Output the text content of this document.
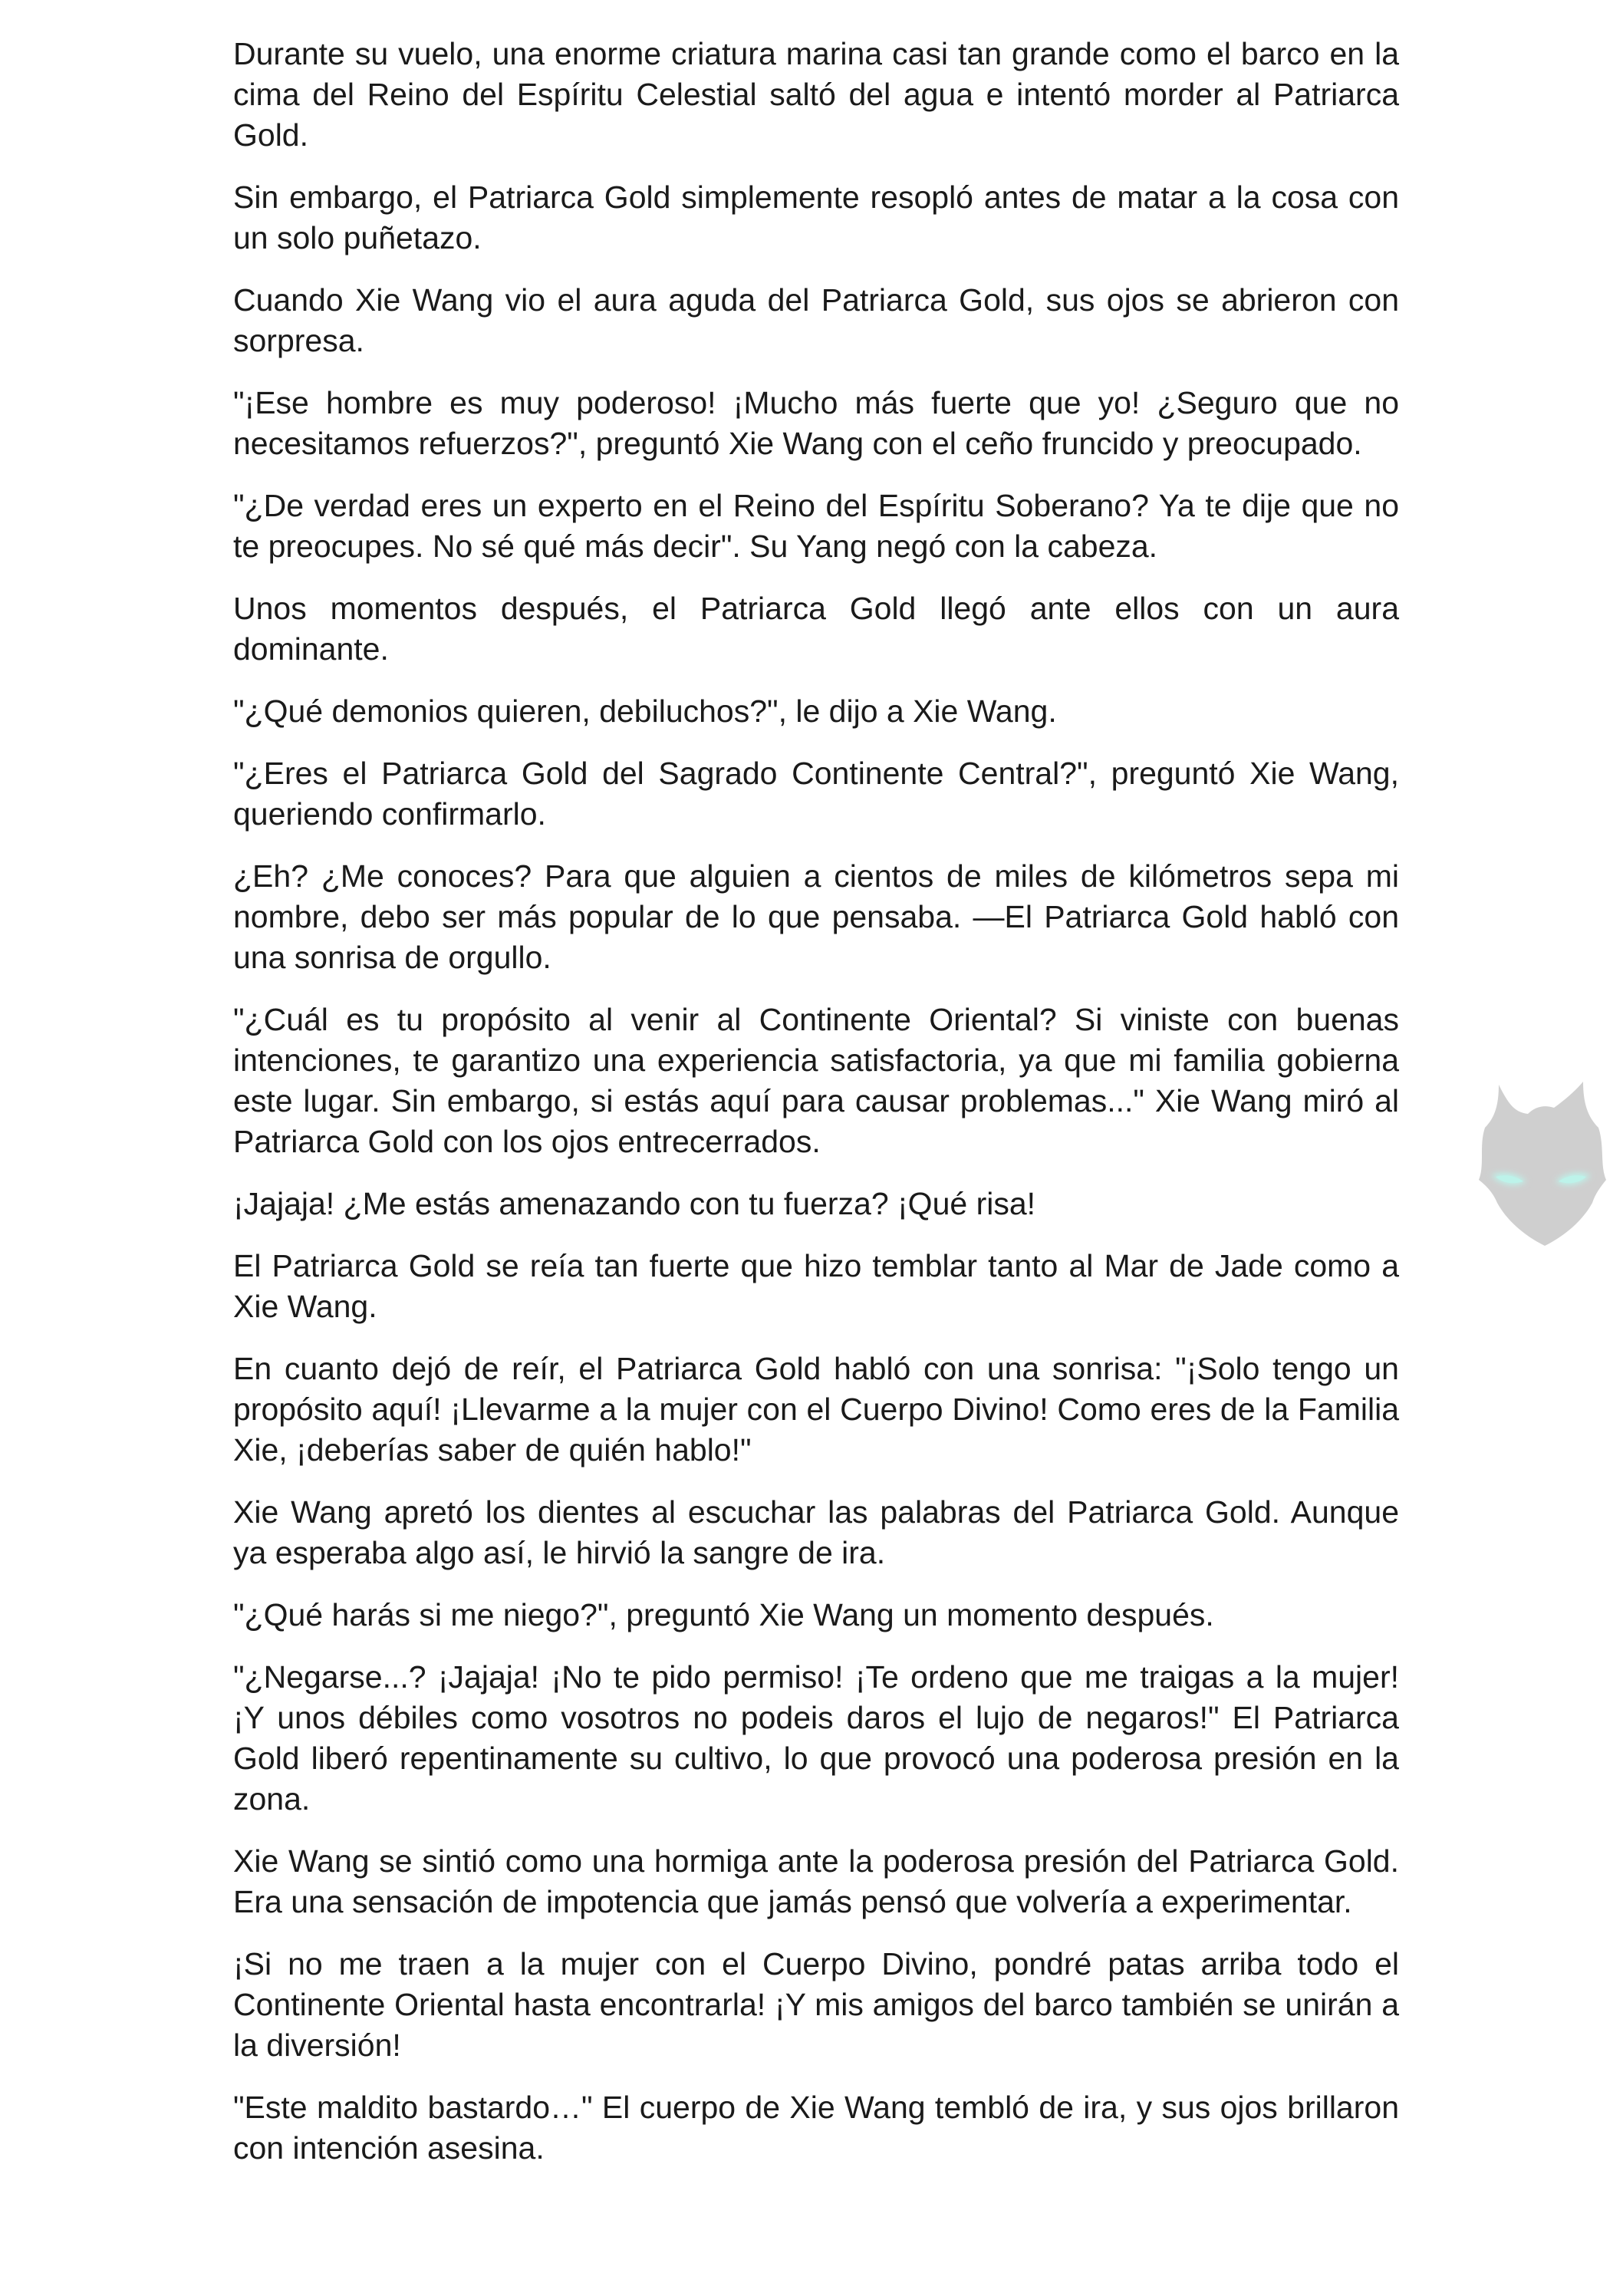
Durante su vuelo, una enorme criatura marina casi tan grande como el barco en la cima del Reino del Espíritu Celestial saltó del agua e intentó morder al Patriarca Gold.

Sin embargo, el Patriarca Gold simplemente resopló antes de matar a la cosa con un solo puñetazo.

Cuando Xie Wang vio el aura aguda del Patriarca Gold, sus ojos se abrieron con sorpresa.

"¡Ese hombre es muy poderoso! ¡Mucho más fuerte que yo! ¿Seguro que no necesitamos refuerzos?", preguntó Xie Wang con el ceño fruncido y preocupado.

"¿De verdad eres un experto en el Reino del Espíritu Soberano? Ya te dije que no te preocupes. No sé qué más decir". Su Yang negó con la cabeza.

Unos momentos después, el Patriarca Gold llegó ante ellos con un aura dominante.

"¿Qué demonios quieren, debiluchos?", le dijo a Xie Wang.

"¿Eres el Patriarca Gold del Sagrado Continente Central?", preguntó Xie Wang, queriendo confirmarlo.

¿Eh? ¿Me conoces? Para que alguien a cientos de miles de kilómetros sepa mi nombre, debo ser más popular de lo que pensaba. —El Patriarca Gold habló con una sonrisa de orgullo.

"¿Cuál es tu propósito al venir al Continente Oriental? Si viniste con buenas intenciones, te garantizo una experiencia satisfactoria, ya que mi familia gobierna este lugar. Sin embargo, si estás aquí para causar problemas..." Xie Wang miró al Patriarca Gold con los ojos entrecerrados.

¡Jajaja! ¿Me estás amenazando con tu fuerza? ¡Qué risa!

El Patriarca Gold se reía tan fuerte que hizo temblar tanto al Mar de Jade como a Xie Wang.

En cuanto dejó de reír, el Patriarca Gold habló con una sonrisa: "¡Solo tengo un propósito aquí! ¡Llevarme a la mujer con el Cuerpo Divino! Como eres de la Familia Xie, ¡deberías saber de quién hablo!"

Xie Wang apretó los dientes al escuchar las palabras del Patriarca Gold. Aunque ya esperaba algo así, le hirvió la sangre de ira.

"¿Qué harás si me niego?", preguntó Xie Wang un momento después.

"¿Negarse...? ¡Jajaja! ¡No te pido permiso! ¡Te ordeno que me traigas a la mujer! ¡Y unos débiles como vosotros no podeis daros el lujo de negaros!" El Patriarca Gold liberó repentinamente su cultivo, lo que provocó una poderosa presión en la zona.

Xie Wang se sintió como una hormiga ante la poderosa presión del Patriarca Gold. Era una sensación de impotencia que jamás pensó que volvería a experimentar.

¡Si no me traen a la mujer con el Cuerpo Divino, pondré patas arriba todo el Continente Oriental hasta encontrarla! ¡Y mis amigos del barco también se unirán a la diversión!

"Este maldito bastardo…" El cuerpo de Xie Wang tembló de ira, y sus ojos brillaron con intención asesina.
